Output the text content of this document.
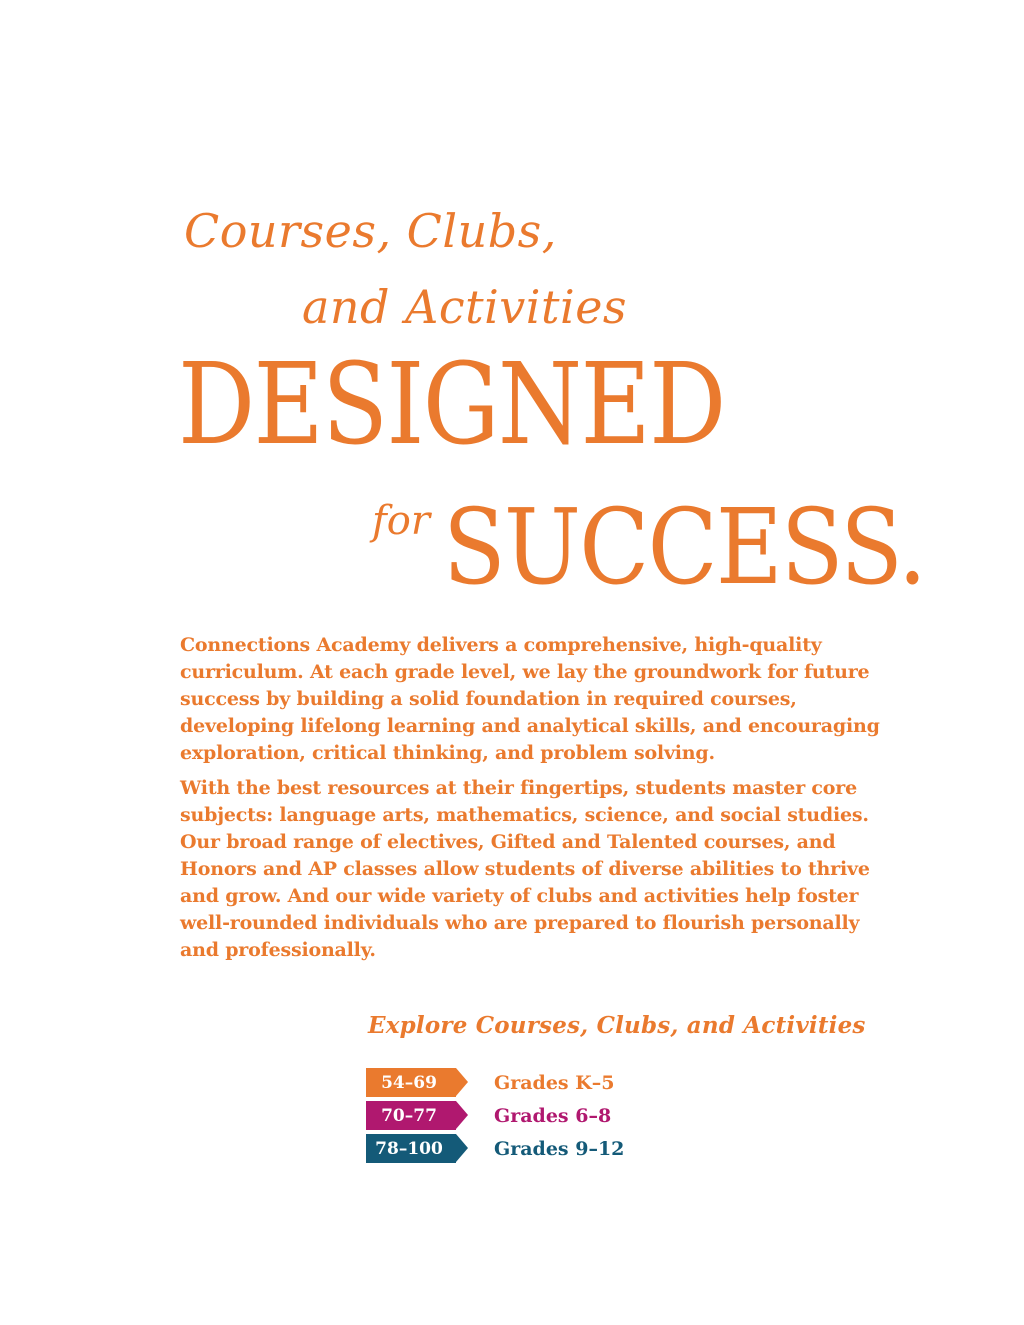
Courses, Clubs,
and Activities
DESIGNED
for SUCCESS.

Connections Academy delivers a comprehensive, high-quality curriculum. At each grade level, we lay the groundwork for future success by building a solid foundation in required courses, developing lifelong learning and analytical skills, and encouraging exploration, critical thinking, and problem solving.

With the best resources at their fingertips, students master core subjects: language arts, mathematics, science, and social studies. Our broad range of electives, Gifted and Talented courses, and Honors and AP classes allow students of diverse abilities to thrive and grow. And our wide variety of clubs and activities help foster well-rounded individuals who are prepared to flourish personally and professionally.

Explore Courses, Clubs, and Activities
54–69	Grades K–5
70–77	Grades 6–8
78–100	Grades 9–12
